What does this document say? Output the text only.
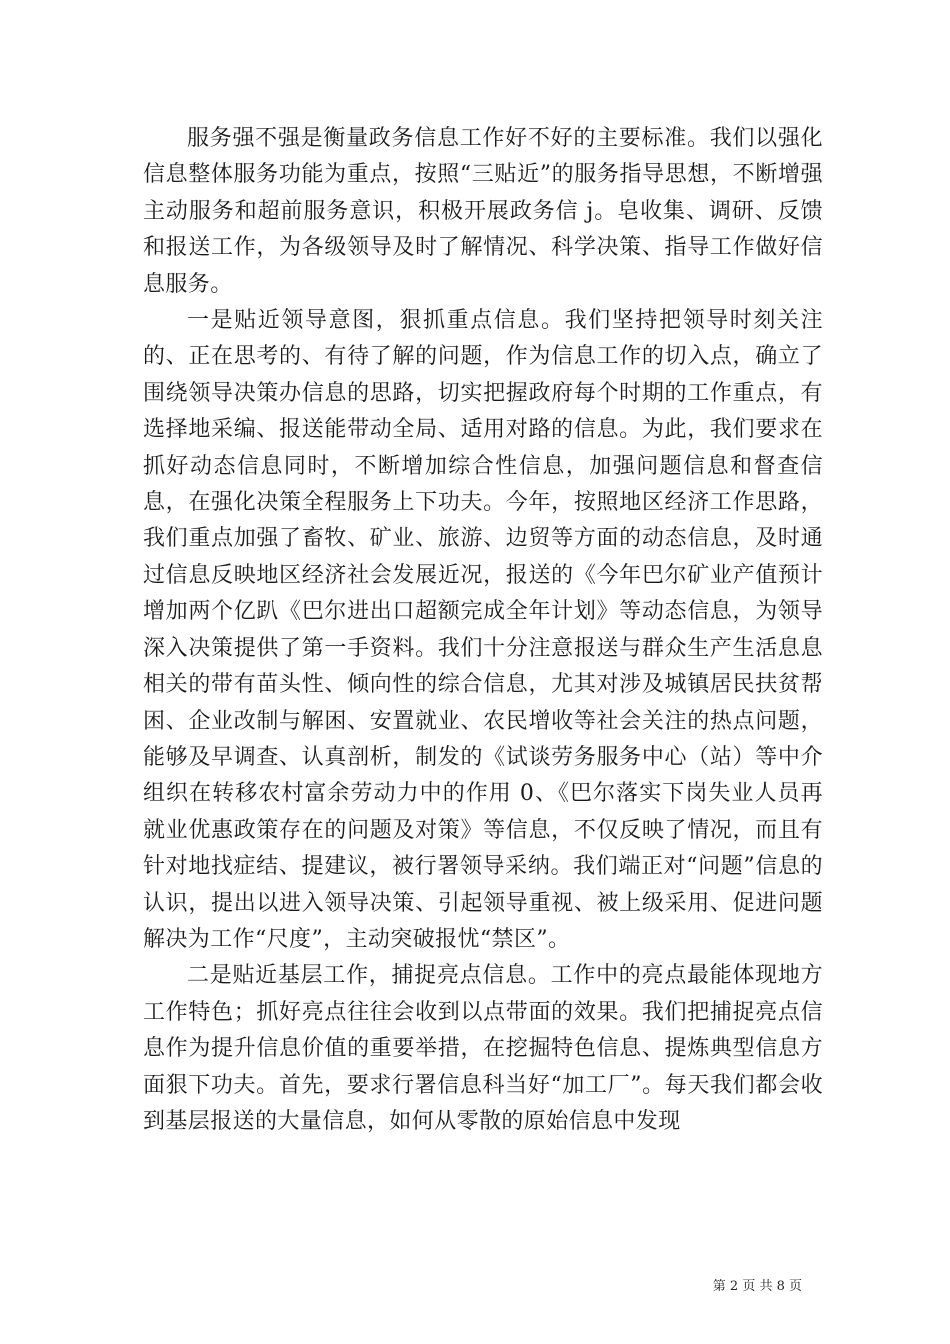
服务强不强是衡量政务信息工作好不好的主要标准。我们以强化信息整体服务功能为重点，按照“三贴近”的服务指导思想，不断增强主动服务和超前服务意识，积极开展政务信 j。皂收集、调研、反馈和报送工作，为各级领导及时了解情况、科学决策、指导工作做好信息服务。

一是贴近领导意图，狠抓重点信息。我们坚持把领导时刻关注的、正在思考的、有待了解的问题，作为信息工作的切入点，确立了围绕领导决策办信息的思路，切实把握政府每个时期的工作重点，有选择地采编、报送能带动全局、适用对路的信息。为此，我们要求在抓好动态信息同时，不断增加综合性信息，加强问题信息和督查信息，在强化决策全程服务上下功夫。今年，按照地区经济工作思路，我们重点加强了畜牧、矿业、旅游、边贸等方面的动态信息，及时通过信息反映地区经济社会发展近况，报送的《今年巴尔矿业产值预计增加两个亿趴《巴尔进出口超额完成全年计划》等动态信息，为领导深入决策提供了第一手资料。我们十分注意报送与群众生产生活息息相关的带有苗头性、倾向性的综合信息，尤其对涉及城镇居民扶贫帮困、企业改制与解困、安置就业、农民增收等社会关注的热点问题，能够及早调查、认真剖析，制发的《试谈劳务服务中心（站）等中介组织在转移农村富余劳动力中的作用 0、《巴尔落实下岗失业人员再就业优惠政策存在的问题及对策》等信息，不仅反映了情况，而且有针对地找症结、提建议，被行署领导采纳。我们端正对“问题”信息的认识，提出以进入领导决策、引起领导重视、被上级采用、促进问题解决为工作“尺度”，主动突破报忧“禁区”。

二是贴近基层工作，捕捉亮点信息。工作中的亮点最能体现地方工作特色；抓好亮点往往会收到以点带面的效果。我们把捕捉亮点信息作为提升信息价值的重要举措，在挖掘特色信息、提炼典型信息方面狠下功夫。首先，要求行署信息科当好“加工厂”。每天我们都会收到基层报送的大量信息，如何从零散的原始信息中发现

第 2 页 共 8 页
